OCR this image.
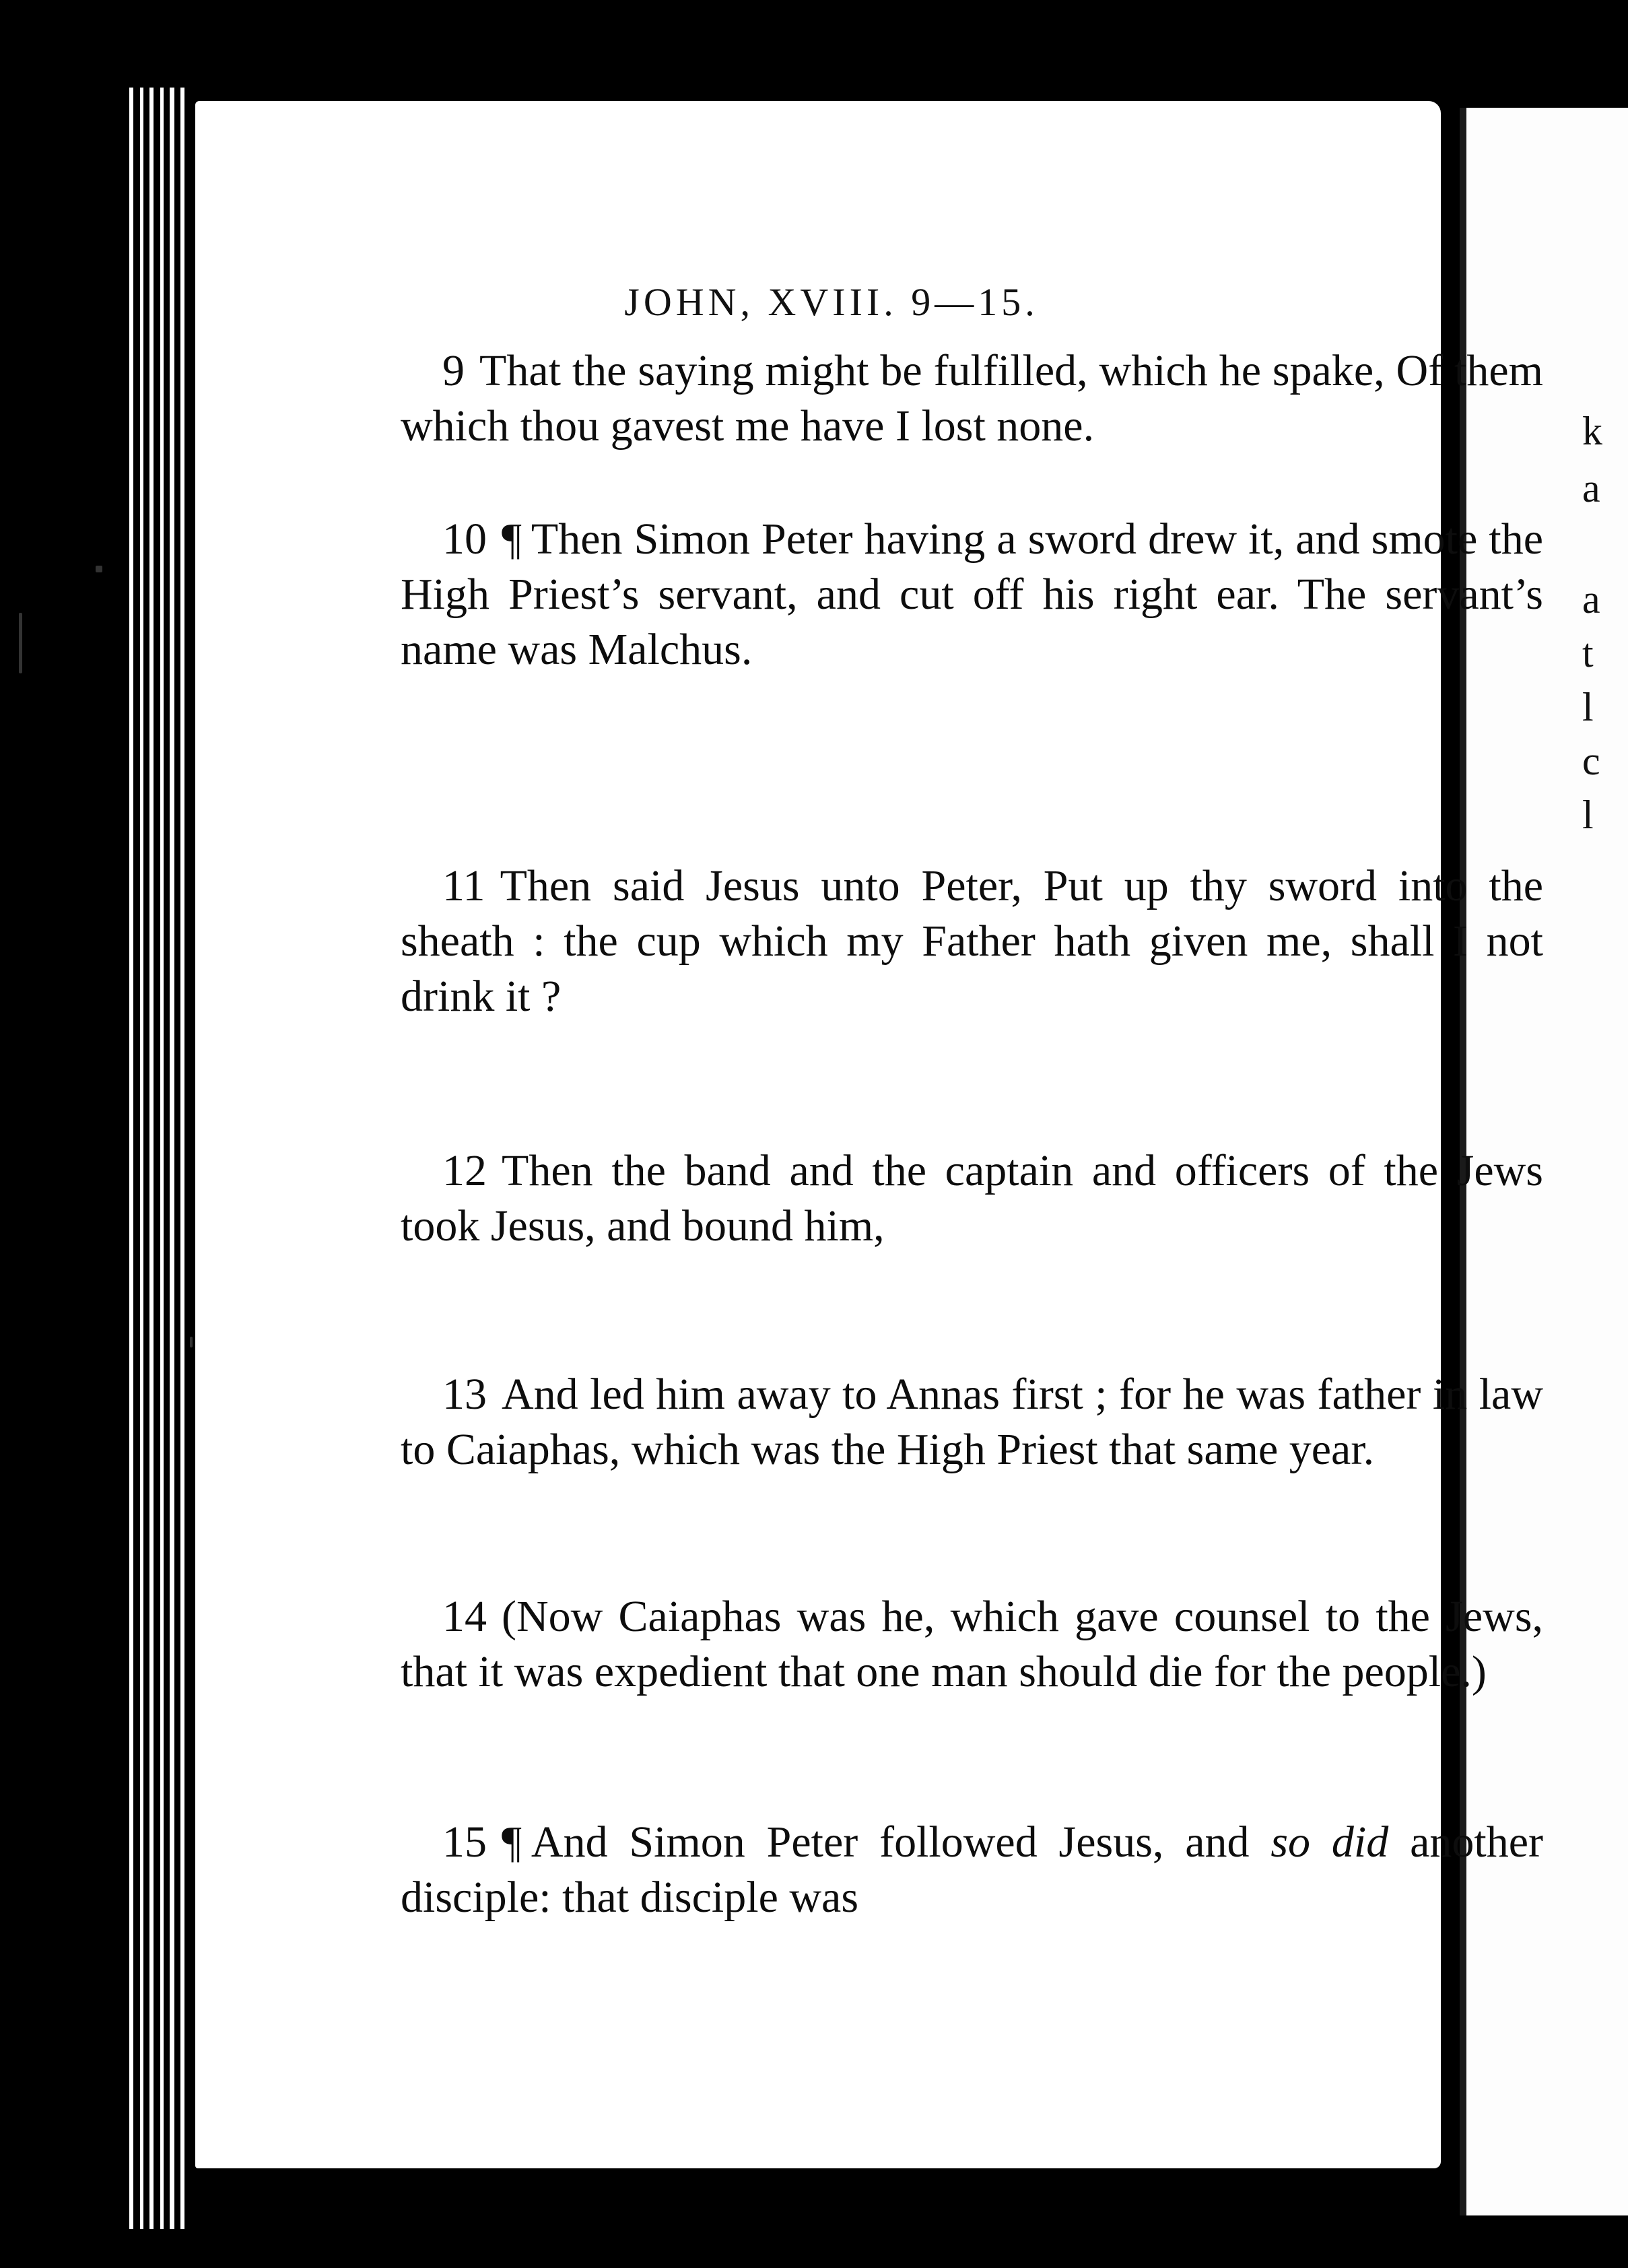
k
a
a
t
l
c
l
JOHN, XVIII. 9—15.

9 That the saying might be fulfilled, which he spake, Of them which thou gavest me have I lost none.

10 ¶ Then Simon Peter having a sword drew it, and smote the High Priest’s servant, and cut off his right ear. The servant’s name was Malchus.

11 Then said Jesus unto Peter, Put up thy sword into the sheath : the cup which my Father hath given me, shall I not drink it ?

12 Then the band and the captain and officers of the Jews took Jesus, and bound him,

13 And led him away to Annas first ; for he was father in law to Caiaphas, which was the High Priest that same year.

14 (Now Caiaphas was he, which gave counsel to the Jews, that it was expedient that one man should die for the people.)

15 ¶ And Simon Peter followed Jesus, and so did another disciple: that disciple was
